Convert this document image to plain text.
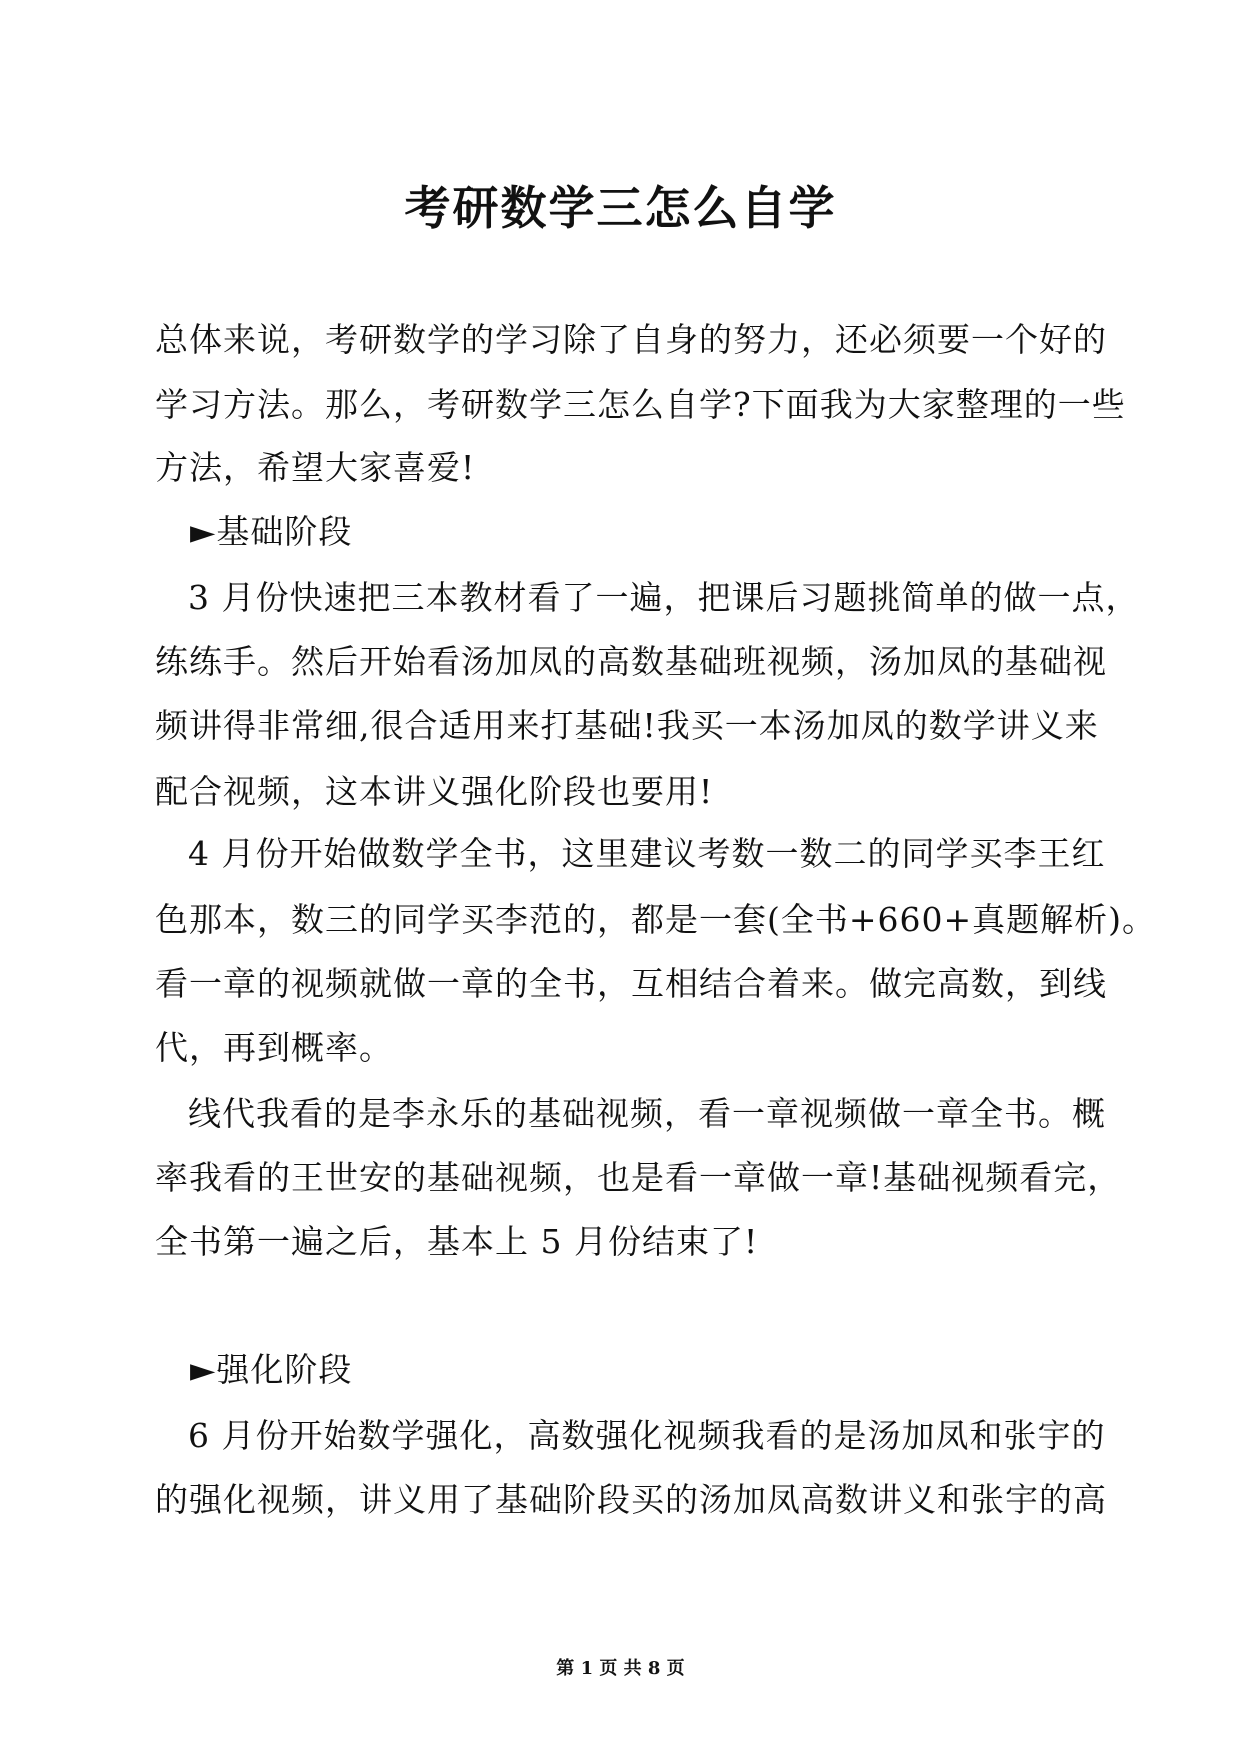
考研数学三怎么自学
总体来说，考研数学的学习除了自身的努力，还必须要一个好的
学习方法。那么，考研数学三怎么自学?下面我为大家整理的一些
方法，希望大家喜爱!
►基础阶段
3 月份快速把三本教材看了一遍，把课后习题挑简单的做一点，
练练手。然后开始看汤加凤的高数基础班视频，汤加凤的基础视
频讲得非常细,很合适用来打基础!我买一本汤加凤的数学讲义来
配合视频，这本讲义强化阶段也要用!
4 月份开始做数学全书，这里建议考数一数二的同学买李王红
色那本，数三的同学买李范的，都是一套(全书+660+真题解析)。
看一章的视频就做一章的全书，互相结合着来。做完高数，到线
代，再到概率。
线代我看的是李永乐的基础视频，看一章视频做一章全书。概
率我看的王世安的基础视频，也是看一章做一章!基础视频看完，
全书第一遍之后，基本上 5 月份结束了!
►强化阶段
6 月份开始数学强化，高数强化视频我看的是汤加凤和张宇的
的强化视频，讲义用了基础阶段买的汤加凤高数讲义和张宇的高
第 1 页 共 8 页
